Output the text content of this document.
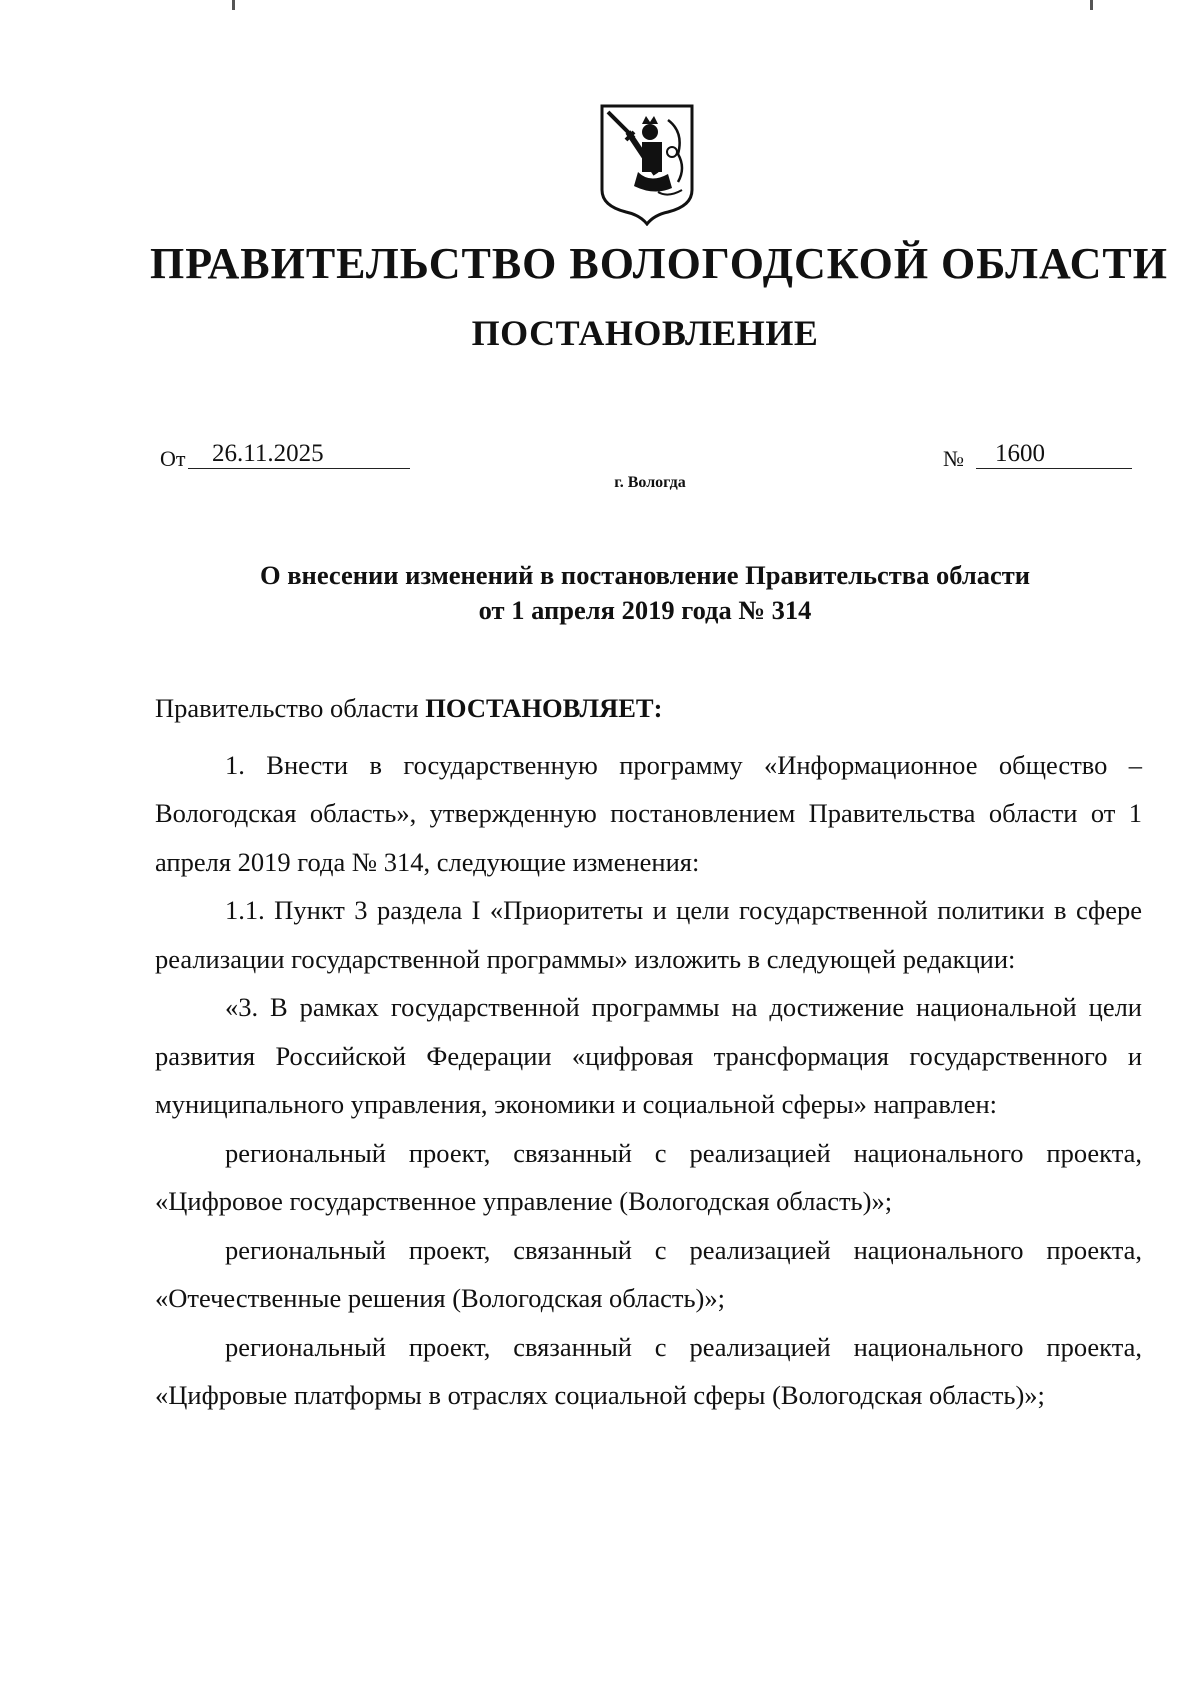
ПРАВИТЕЛЬСТВО ВОЛОГОДСКОЙ ОБЛАСТИ
ПОСТАНОВЛЕНИЕ
От 26.11.2025	№ 1600
г. Вологда
О внесении изменений в постановление Правительства области
от 1 апреля 2019 года № 314

Правительство области ПОСТАНОВЛЯЕТ:

1. Внести в государственную программу «Информационное общество – Вологодская область», утвержденную постановлением Правительства области от 1 апреля 2019 года № 314, следующие изменения:

1.1. Пункт 3 раздела I «Приоритеты и цели государственной политики в сфере реализации государственной программы» изложить в следующей редакции:

«3. В рамках государственной программы на достижение национальной цели развития Российской Федерации «цифровая трансформация государственного и муниципального управления, экономики и социальной сферы» направлен:

региональный проект, связанный с реализацией национального проекта, «Цифровое государственное управление (Вологодская область)»;

региональный проект, связанный с реализацией национального проекта, «Отечественные решения (Вологодская область)»;

региональный проект, связанный с реализацией национального проекта, «Цифровые платформы в отраслях социальной сферы (Вологодская область)»;
